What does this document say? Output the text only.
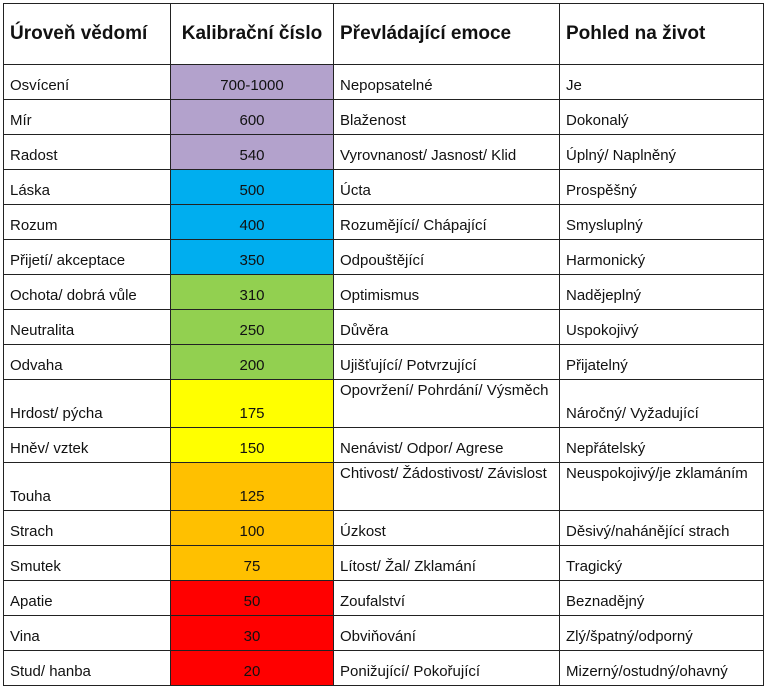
Úroveň vědomí	Kalibrační číslo	Převládající emoce	Pohled na život
Osvícení	700-1000	Nepopsatelné	Je
Mír	600	Blaženost	Dokonalý
Radost	540	Vyrovnanost/ Jasnost/ Klid	Úplný/ Naplněný
Láska	500	Úcta	Prospěšný
Rozum	400	Rozumějící/ Chápající	Smysluplný
Přijetí/ akceptace	350	Odpouštějící	Harmonický
Ochota/ dobrá vůle	310	Optimismus	Nadějeplný
Neutralita	250	Důvěra	Uspokojivý
Odvaha	200	Ujišťující/ Potvrzující	Přijatelný
Hrdost/ pýcha	175	Opovržení/ Pohrdání/ Výsměch	Náročný/ Vyžadující
Hněv/ vztek	150	Nenávist/ Odpor/ Agrese	Nepřátelský
Touha	125	Chtivost/ Žádostivost/ Závislost	Neuspokojivý/je zklamáním
Strach	100	Úzkost	Děsivý/nahánějící strach
Smutek	75	Lítost/ Žal/ Zklamání	Tragický
Apatie	50	Zoufalství	Beznadějný
Vina	30	Obviňování	Zlý/špatný/odporný
Stud/ hanba	20	Ponižující/ Pokořující	Mizerný/ostudný/ohavný
